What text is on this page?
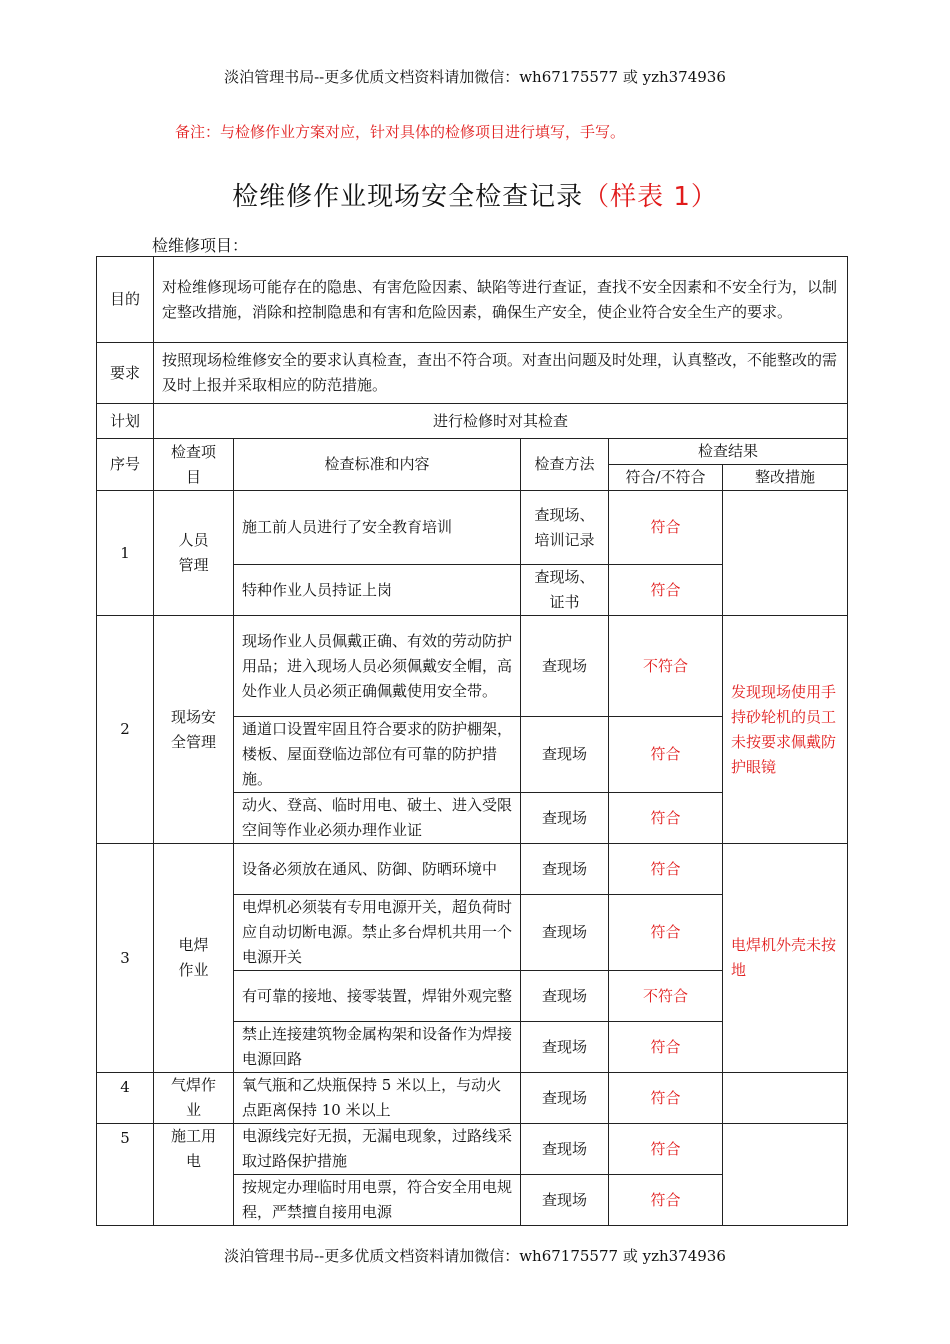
淡泊管理书局--更多优质文档资料请加微信：wh67175577 或 yzh374936
备注：与检修作业方案对应，针对具体的检修项目进行填写，手写。
检维修作业现场安全检查记录（样表 1）
检维修项目：
目的	对检维修现场可能存在的隐患、有害危险因素、缺陷等进行查证，查找不安全因素和不安全行为，以制定整改措施，消除和控制隐患和有害和危险因素，确保生产安全，使企业符合安全生产的要求。				
要求	按照现场检维修安全的要求认真检查，查出不符合项。对查出问题及时处理，认真整改，不能整改的需及时上报并采取相应的防范措施。				
计划	进行检修时对其检查				
序号	检查项目	检查标准和内容	检查方法	检查结果	
				符合/不符合	整改措施
1	人员管理	施工前人员进行了安全教育培训	查现场、培训记录	符合	
		特种作业人员持证上岗	查现场、证书	符合	
2	现场安全管理	现场作业人员佩戴正确、有效的劳动防护用品；进入现场人员必须佩戴安全帽，高处作业人员必须正确佩戴使用安全带。	查现场	不符合	发现现场使用手持砂轮机的员工未按要求佩戴防护眼镜
		通道口设置牢固且符合要求的防护棚架，楼板、屋面登临边部位有可靠的防护措施。	查现场	符合	
		动火、登高、临时用电、破土、进入受限空间等作业必须办理作业证	查现场	符合	
3	电焊作业	设备必须放在通风、防御、防晒环境中	查现场	符合	电焊机外壳未按地
		电焊机必须装有专用电源开关，超负荷时应自动切断电源。禁止多台焊机共用一个电源开关	查现场	符合	
		有可靠的接地、接零装置，焊钳外观完整	查现场	不符合	
		禁止连接建筑物金属构架和设备作为焊接电源回路	查现场	符合	
4	气焊作业	氧气瓶和乙炔瓶保持 5 米以上，与动火点距离保持 10 米以上	查现场	符合	
5	施工用电	电源线完好无损，无漏电现象，过路线采取过路保护措施	查现场	符合	
		按规定办理临时用电票，符合安全用电规程，严禁擅自接用电源	查现场	符合	
淡泊管理书局--更多优质文档资料请加微信：wh67175577 或 yzh374936
